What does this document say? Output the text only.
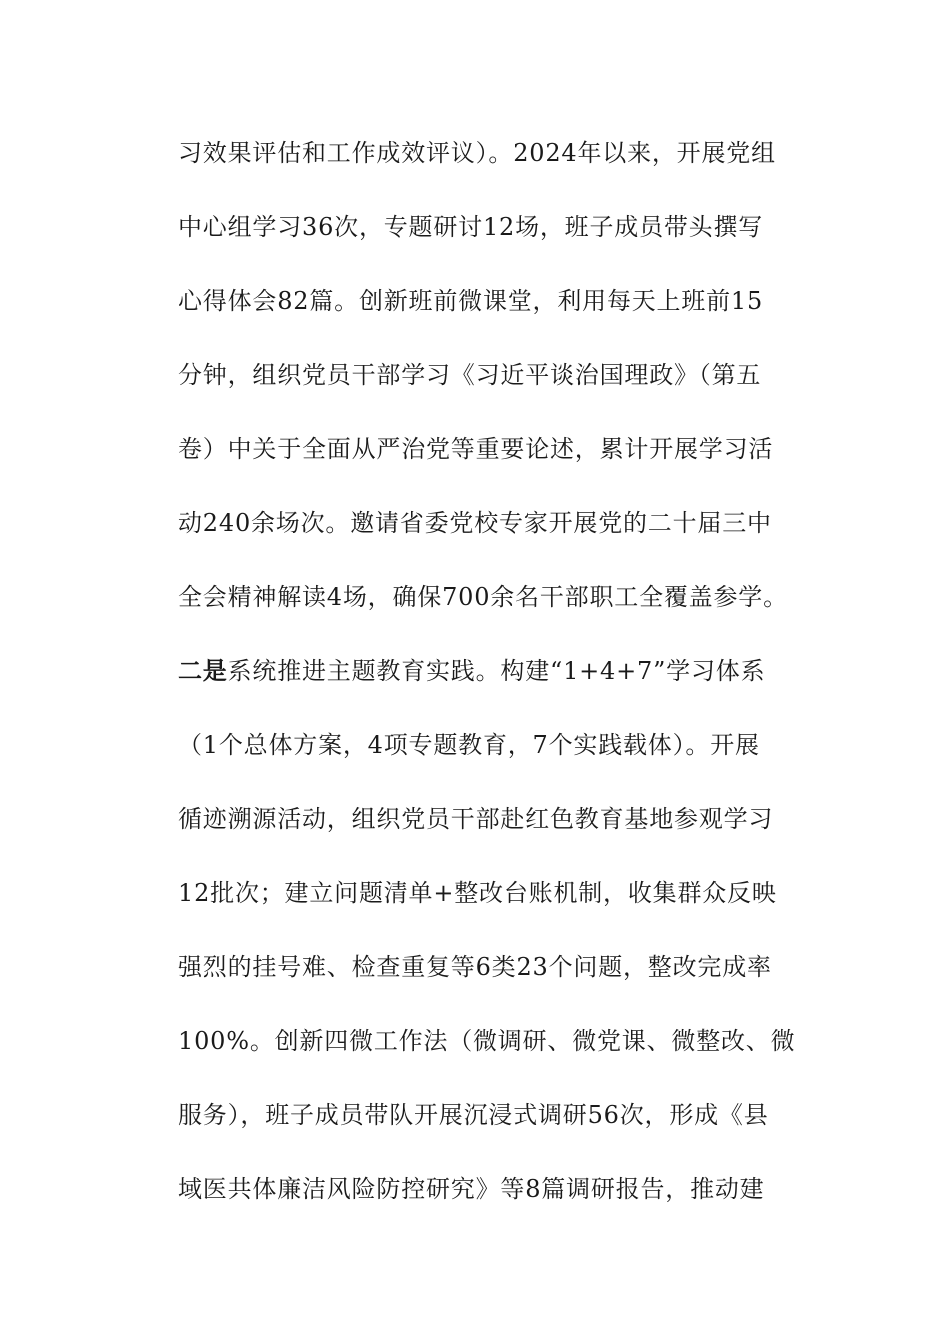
习效果评估和工作成效评议）。2024年以来，开展党组
中心组学习36次，专题研讨12场，班子成员带头撰写
心得体会82篇。创新班前微课堂，利用每天上班前15
分钟，组织党员干部学习《习近平谈治国理政》（第五
卷）中关于全面从严治党等重要论述，累计开展学习活
动240余场次。邀请省委党校专家开展党的二十届三中
全会精神解读4场，确保700余名干部职工全覆盖参学。
二是系统推进主题教育实践。构建“1+4+7”学习体系
（1个总体方案，4项专题教育，7个实践载体）。开展
循迹溯源活动，组织党员干部赴红色教育基地参观学习
12批次；建立问题清单+整改台账机制，收集群众反映
强烈的挂号难、检查重复等6类23个问题，整改完成率
100%。创新四微工作法（微调研、微党课、微整改、微
服务），班子成员带队开展沉浸式调研56次，形成《县
域医共体廉洁风险防控研究》等8篇调研报告，推动建
